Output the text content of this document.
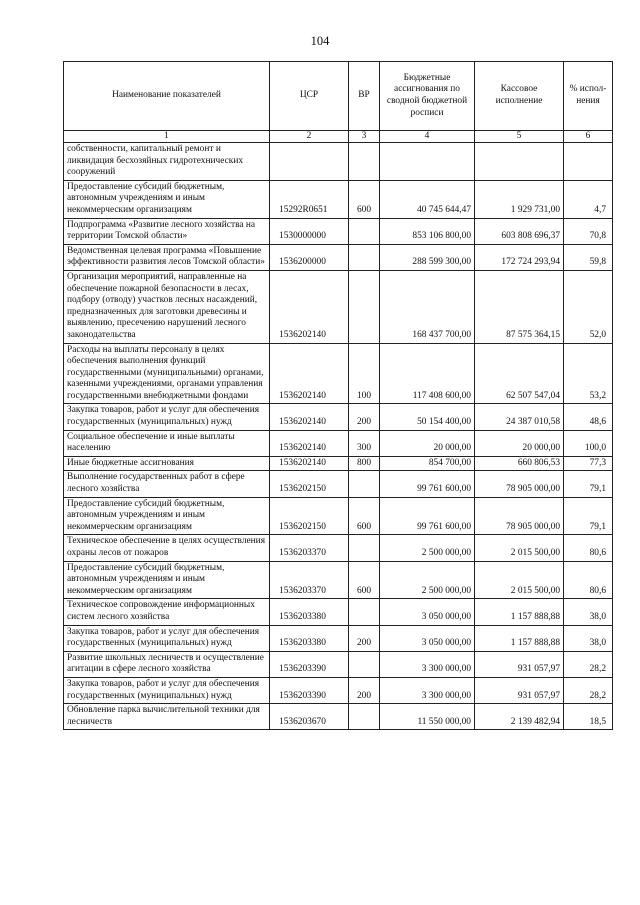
104
Наименование показателей	ЦСР	ВР	Бюджетные ассигнования по сводной бюджетной росписи	Кассовое исполнение	% испол-нения
1	2	3	4	5	6
собственности, капитальный ремонт и ликвидация бесхозяйных гидротехнических сооружений					
Предоставление субсидий бюджетным, автономным учреждениям и иным некоммерческим организациям	15292R0651	600	40 745 644,47	1 929 731,00	4,7
Подпрограмма «Развитие лесного хозяйства на территории Томской области»	1530000000		853 106 800,00	603 808 696,37	70,8
Ведомственная целевая программа «Повышение эффективности развития лесов Томской области»	1536200000		288 599 300,00	172 724 293,94	59,8
Организация мероприятий, направленные на обеспечение пожарной безопасности в лесах, подбору (отводу) участков лесных насаждений, предназначенных для заготовки древесины и выявлению, пресечению нарушений лесного законодательства	1536202140		168 437 700,00	87 575 364,15	52,0
Расходы на выплаты персоналу в целях обеспечения выполнения функций государственными (муниципальными) органами, казенными учреждениями, органами управления государственными внебюджетными фондами	1536202140	100	117 408 600,00	62 507 547,04	53,2
Закупка товаров, работ и услуг для обеспечения государственных (муниципальных) нужд	1536202140	200	50 154 400,00	24 387 010,58	48,6
Социальное обеспечение и иные выплаты населению	1536202140	300	20 000,00	20 000,00	100,0
Иные бюджетные ассигнования	1536202140	800	854 700,00	660 806,53	77,3
Выполнение государственных работ в сфере лесного хозяйства	1536202150		99 761 600,00	78 905 000,00	79,1
Предоставление субсидий бюджетным, автономным учреждениям и иным некоммерческим организациям	1536202150	600	99 761 600,00	78 905 000,00	79,1
Техническое обеспечение в целях осуществления охраны лесов от пожаров	1536203370		2 500 000,00	2 015 500,00	80,6
Предоставление субсидий бюджетным, автономным учреждениям и иным некоммерческим организациям	1536203370	600	2 500 000,00	2 015 500,00	80,6
Техническое сопровождение информационных систем лесного хозяйства	1536203380		3 050 000,00	1 157 888,88	38,0
Закупка товаров, работ и услуг для обеспечения государственных (муниципальных) нужд	1536203380	200	3 050 000,00	1 157 888,88	38,0
Развитие школьных лесничеств и осуществление агитации в сфере лесного хозяйства	1536203390		3 300 000,00	931 057,97	28,2
Закупка товаров, работ и услуг для обеспечения государственных (муниципальных) нужд	1536203390	200	3 300 000,00	931 057,97	28,2
Обновление парка вычислительной техники для лесничеств	1536203670		11 550 000,00	2 139 482,94	18,5
